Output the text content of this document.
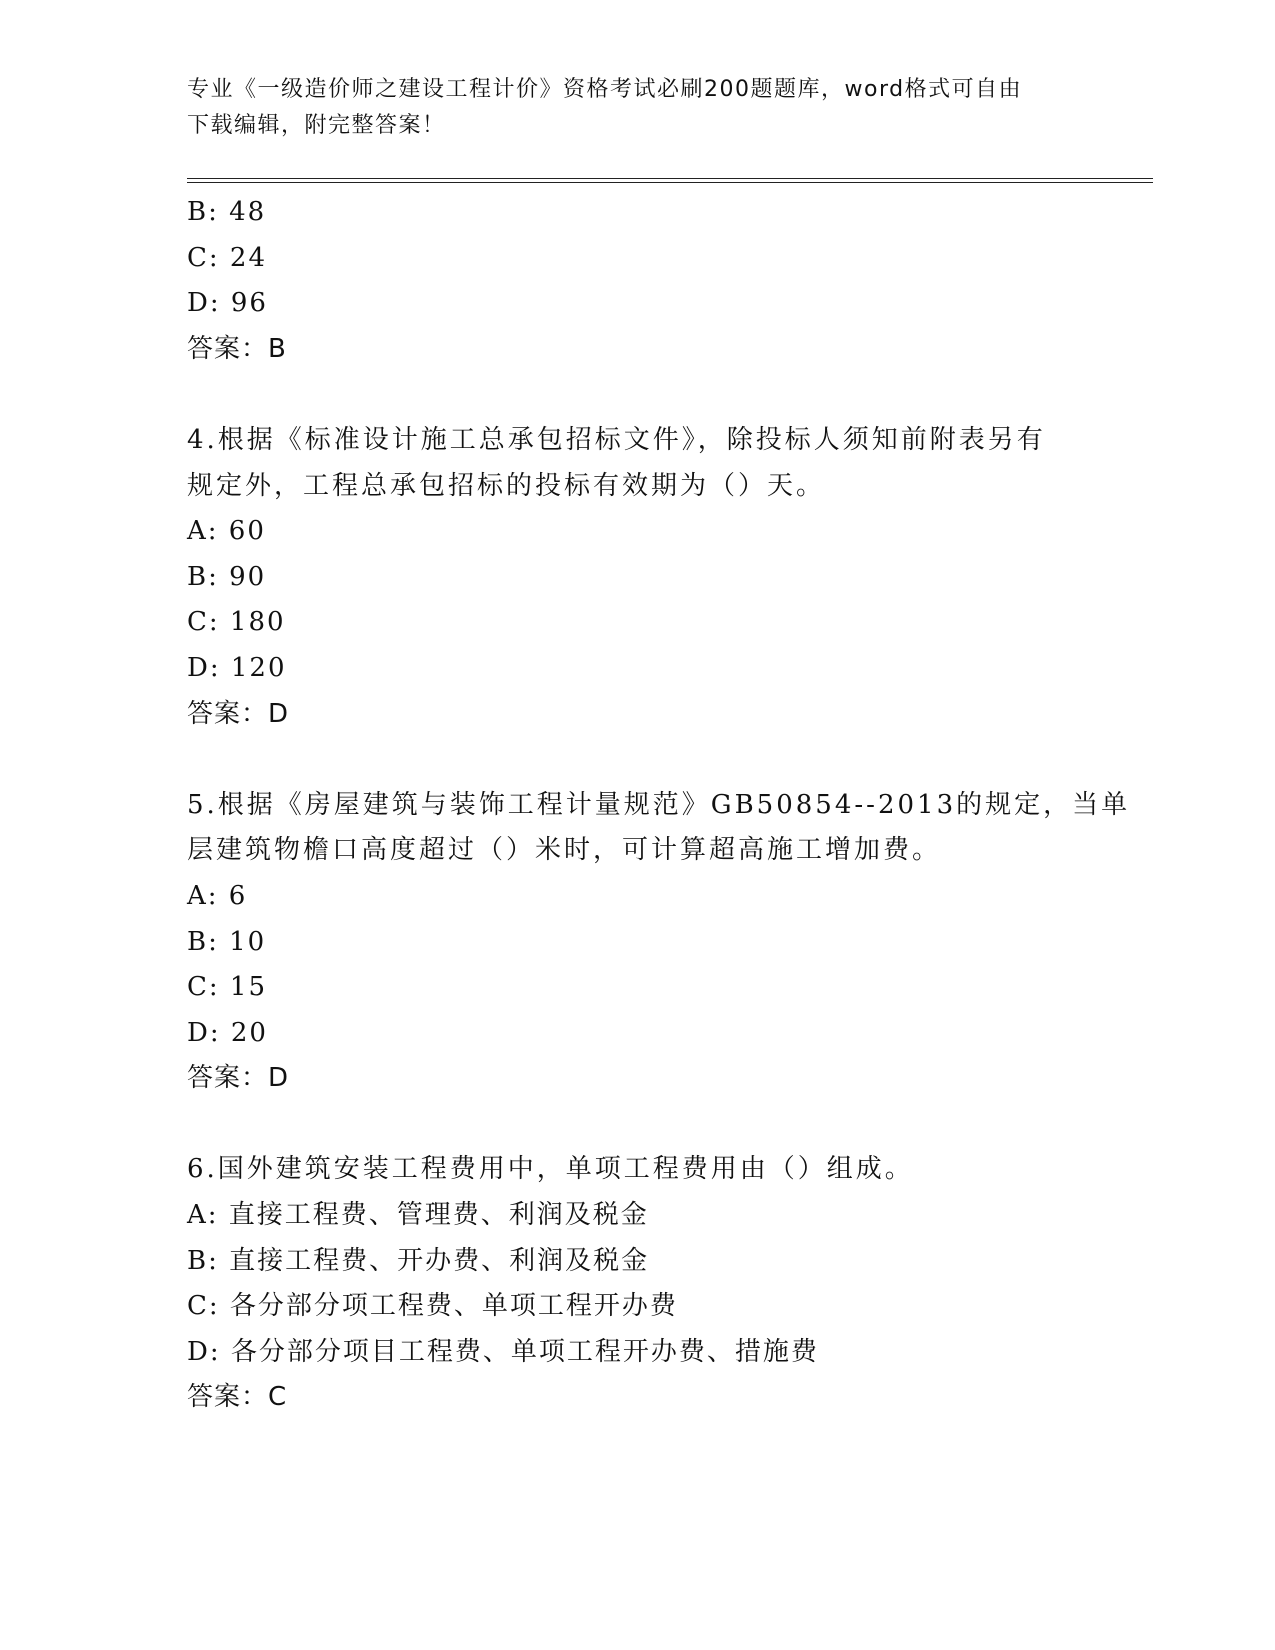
专业《一级造价师之建设工程计价》资格考试必刷200题题库，word格式可自由
下载编辑，附完整答案！
B: 48
C: 24
D: 96
答案：B
4.根据《标准设计施工总承包招标文件》，除投标人须知前附表另有
规定外，工程总承包招标的投标有效期为（）天。
A: 60
B: 90
C: 180
D: 120
答案：D
5.根据《房屋建筑与装饰工程计量规范》GB50854--2013的规定，当单
层建筑物檐口高度超过（）米时，可计算超高施工增加费。
A: 6
B: 10
C: 15
D: 20
答案：D
6.国外建筑安装工程费用中，单项工程费用由（）组成。
A: 直接工程费、管理费、利润及税金
B: 直接工程费、开办费、利润及税金
C: 各分部分项工程费、单项工程开办费
D: 各分部分项目工程费、单项工程开办费、措施费
答案：C
